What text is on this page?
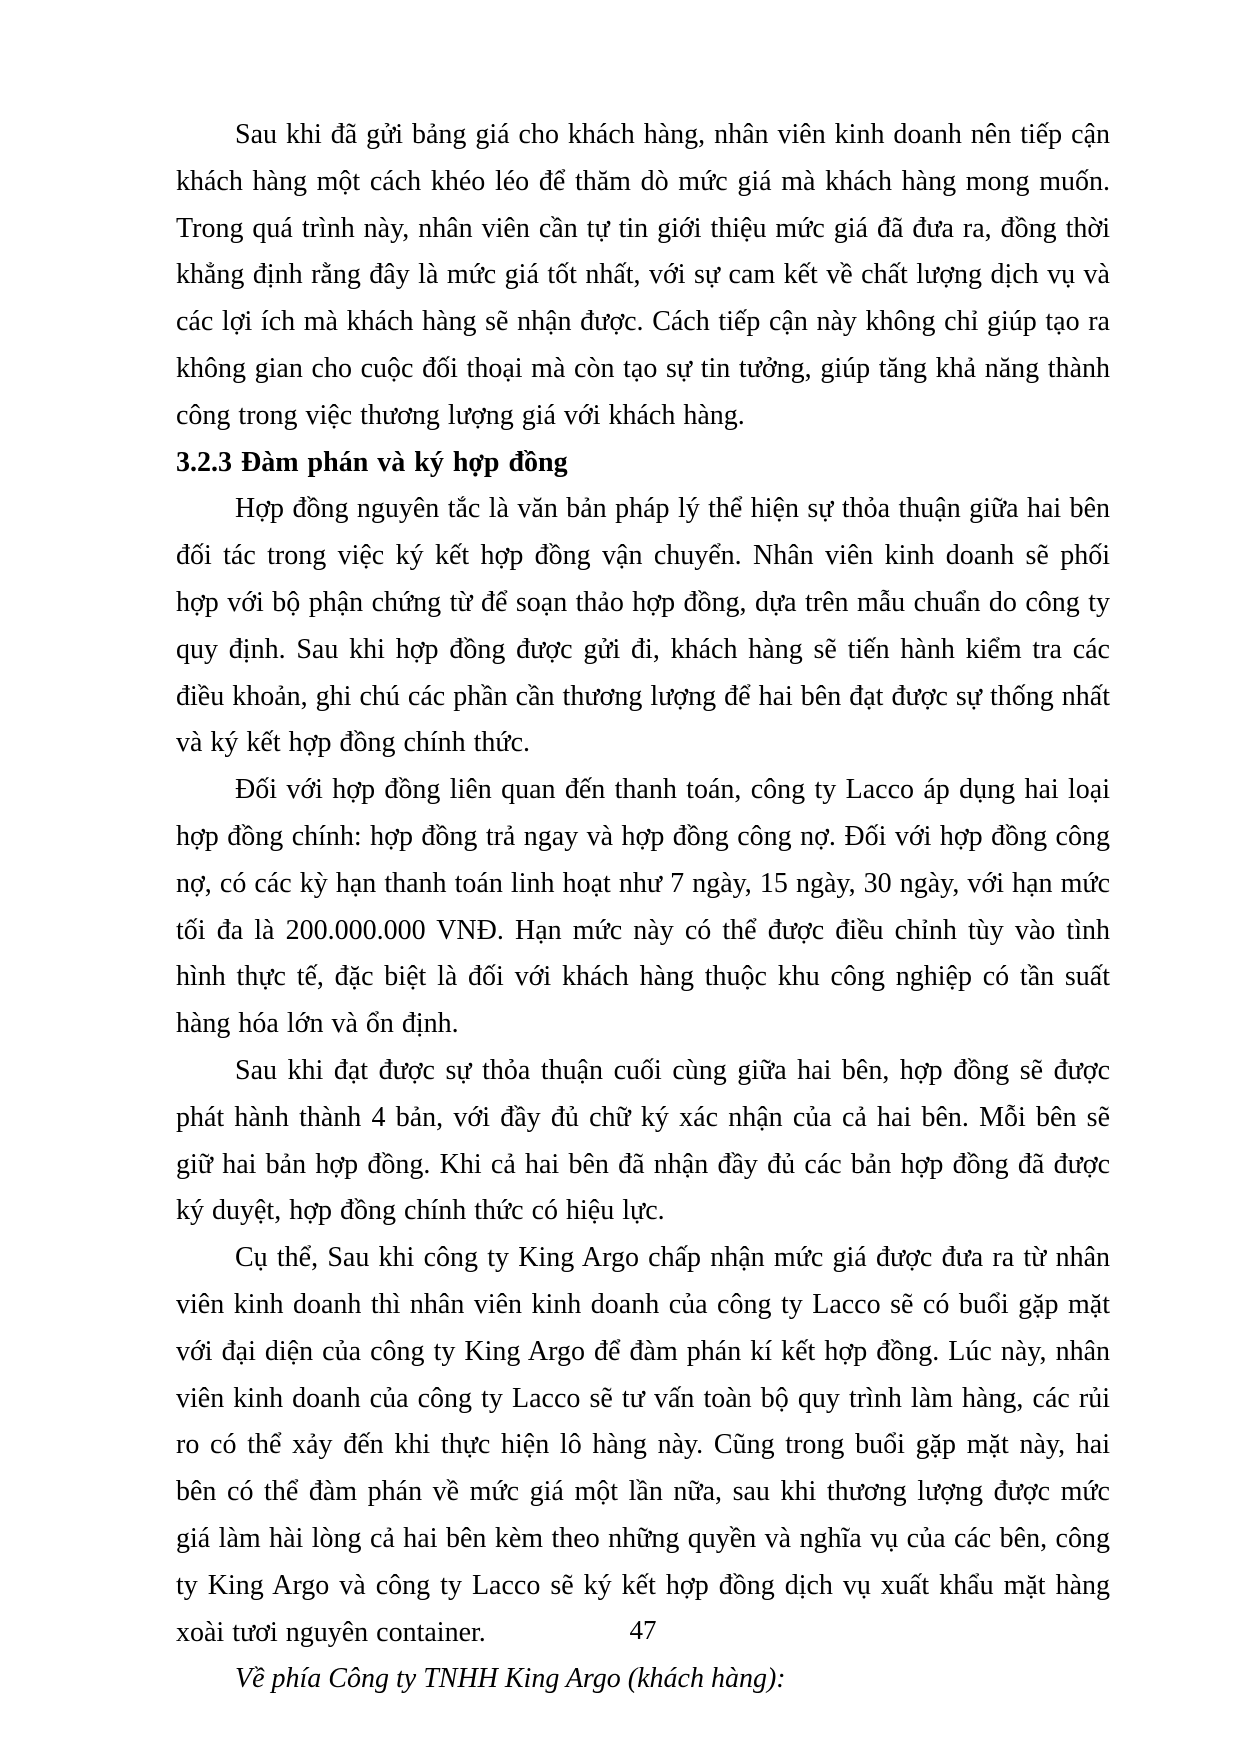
Sau khi đã gửi bảng giá cho khách hàng, nhân viên kinh doanh nên tiếp cận khách hàng một cách khéo léo để thăm dò mức giá mà khách hàng mong muốn. Trong quá trình này, nhân viên cần tự tin giới thiệu mức giá đã đưa ra, đồng thời khẳng định rằng đây là mức giá tốt nhất, với sự cam kết về chất lượng dịch vụ và các lợi ích mà khách hàng sẽ nhận được. Cách tiếp cận này không chỉ giúp tạo ra không gian cho cuộc đối thoại mà còn tạo sự tin tưởng, giúp tăng khả năng thành công trong việc thương lượng giá với khách hàng.

3.2.3 Đàm phán và ký hợp đồng

Hợp đồng nguyên tắc là văn bản pháp lý thể hiện sự thỏa thuận giữa hai bên đối tác trong việc ký kết hợp đồng vận chuyển. Nhân viên kinh doanh sẽ phối hợp với bộ phận chứng từ để soạn thảo hợp đồng, dựa trên mẫu chuẩn do công ty quy định. Sau khi hợp đồng được gửi đi, khách hàng sẽ tiến hành kiểm tra các điều khoản, ghi chú các phần cần thương lượng để hai bên đạt được sự thống nhất và ký kết hợp đồng chính thức.

Đối với hợp đồng liên quan đến thanh toán, công ty Lacco áp dụng hai loại hợp đồng chính: hợp đồng trả ngay và hợp đồng công nợ. Đối với hợp đồng công nợ, có các kỳ hạn thanh toán linh hoạt như 7 ngày, 15 ngày, 30 ngày, với hạn mức tối đa là 200.000.000 VNĐ. Hạn mức này có thể được điều chỉnh tùy vào tình hình thực tế, đặc biệt là đối với khách hàng thuộc khu công nghiệp có tần suất hàng hóa lớn và ổn định.

Sau khi đạt được sự thỏa thuận cuối cùng giữa hai bên, hợp đồng sẽ được phát hành thành 4 bản, với đầy đủ chữ ký xác nhận của cả hai bên. Mỗi bên sẽ giữ hai bản hợp đồng. Khi cả hai bên đã nhận đầy đủ các bản hợp đồng đã được ký duyệt, hợp đồng chính thức có hiệu lực.

Cụ thể, Sau khi công ty King Argo chấp nhận mức giá được đưa ra từ nhân viên kinh doanh thì nhân viên kinh doanh của công ty Lacco sẽ có buổi gặp mặt với đại diện của công ty King Argo để đàm phán kí kết hợp đồng. Lúc này, nhân viên kinh doanh của công ty Lacco sẽ tư vấn toàn bộ quy trình làm hàng, các rủi ro có thể xảy đến khi thực hiện lô hàng này. Cũng trong buổi gặp mặt này, hai bên có thể đàm phán về mức giá một lần nữa, sau khi thương lượng được mức giá làm hài lòng cả hai bên kèm theo những quyền và nghĩa vụ của các bên, công ty King Argo và công ty Lacco sẽ ký kết hợp đồng dịch vụ xuất khẩu mặt hàng xoài tươi nguyên container.

Về phía Công ty TNHH King Argo (khách hàng):

47
